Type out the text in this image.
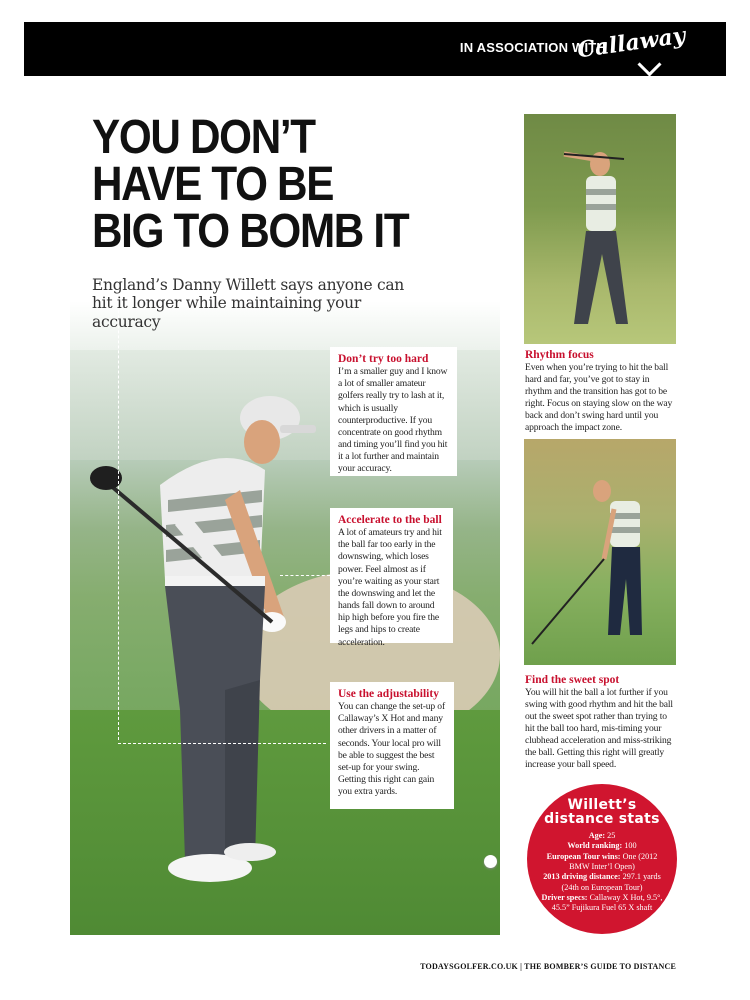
IN ASSOCIATION WITH
Callaway
YOU DON’T
HAVE TO BE
BIG TO BOMB IT
England’s Danny Willett says anyone can hit it longer while maintaining your accuracy
Don’t try too hard
I’m a smaller guy and I know a lot of smaller amateur golfers really try to lash at it, which is usually counterproductive. If you concentrate on good rhythm and timing you’ll find you hit it a lot further and maintain your accuracy.
Accelerate to the ball
A lot of amateurs try and hit the ball far too early in the downswing, which loses power. Feel almost as if you’re waiting as your start the downswing and let the hands fall down to around hip high before you fire the legs and hips to create acceleration.
Use the adjustability
You can change the set-up of Callaway’s X Hot and many other drivers in a matter of seconds. Your local pro will be able to suggest the best set-up for your swing. Getting this right can gain you extra yards.
Rhythm focus
Even when you’re trying to hit the ball hard and far, you’ve got to stay in rhythm and the transition has got to be right. Focus on staying slow on the way back and don’t swing hard until you approach the impact zone.
Find the sweet spot
You will hit the ball a lot further if you swing with good rhythm and hit the ball out the sweet spot rather than trying to hit the ball too hard, mis-timing your clubhead acceleration and miss-striking the ball. Getting this right will greatly increase your ball speed.
Willett’s
distance stats
Age: 25
World ranking: 100
European Tour wins: One (2012 BMW Inter’l Open)
2013 driving distance: 297.1 yards (24th on European Tour)
Driver specs: Callaway X Hot, 9.5°, 45.5” Fujikura Fuel 65 X shaft
TODAYSGOLFER.CO.UK | THE BOMBER’S GUIDE TO DISTANCE
